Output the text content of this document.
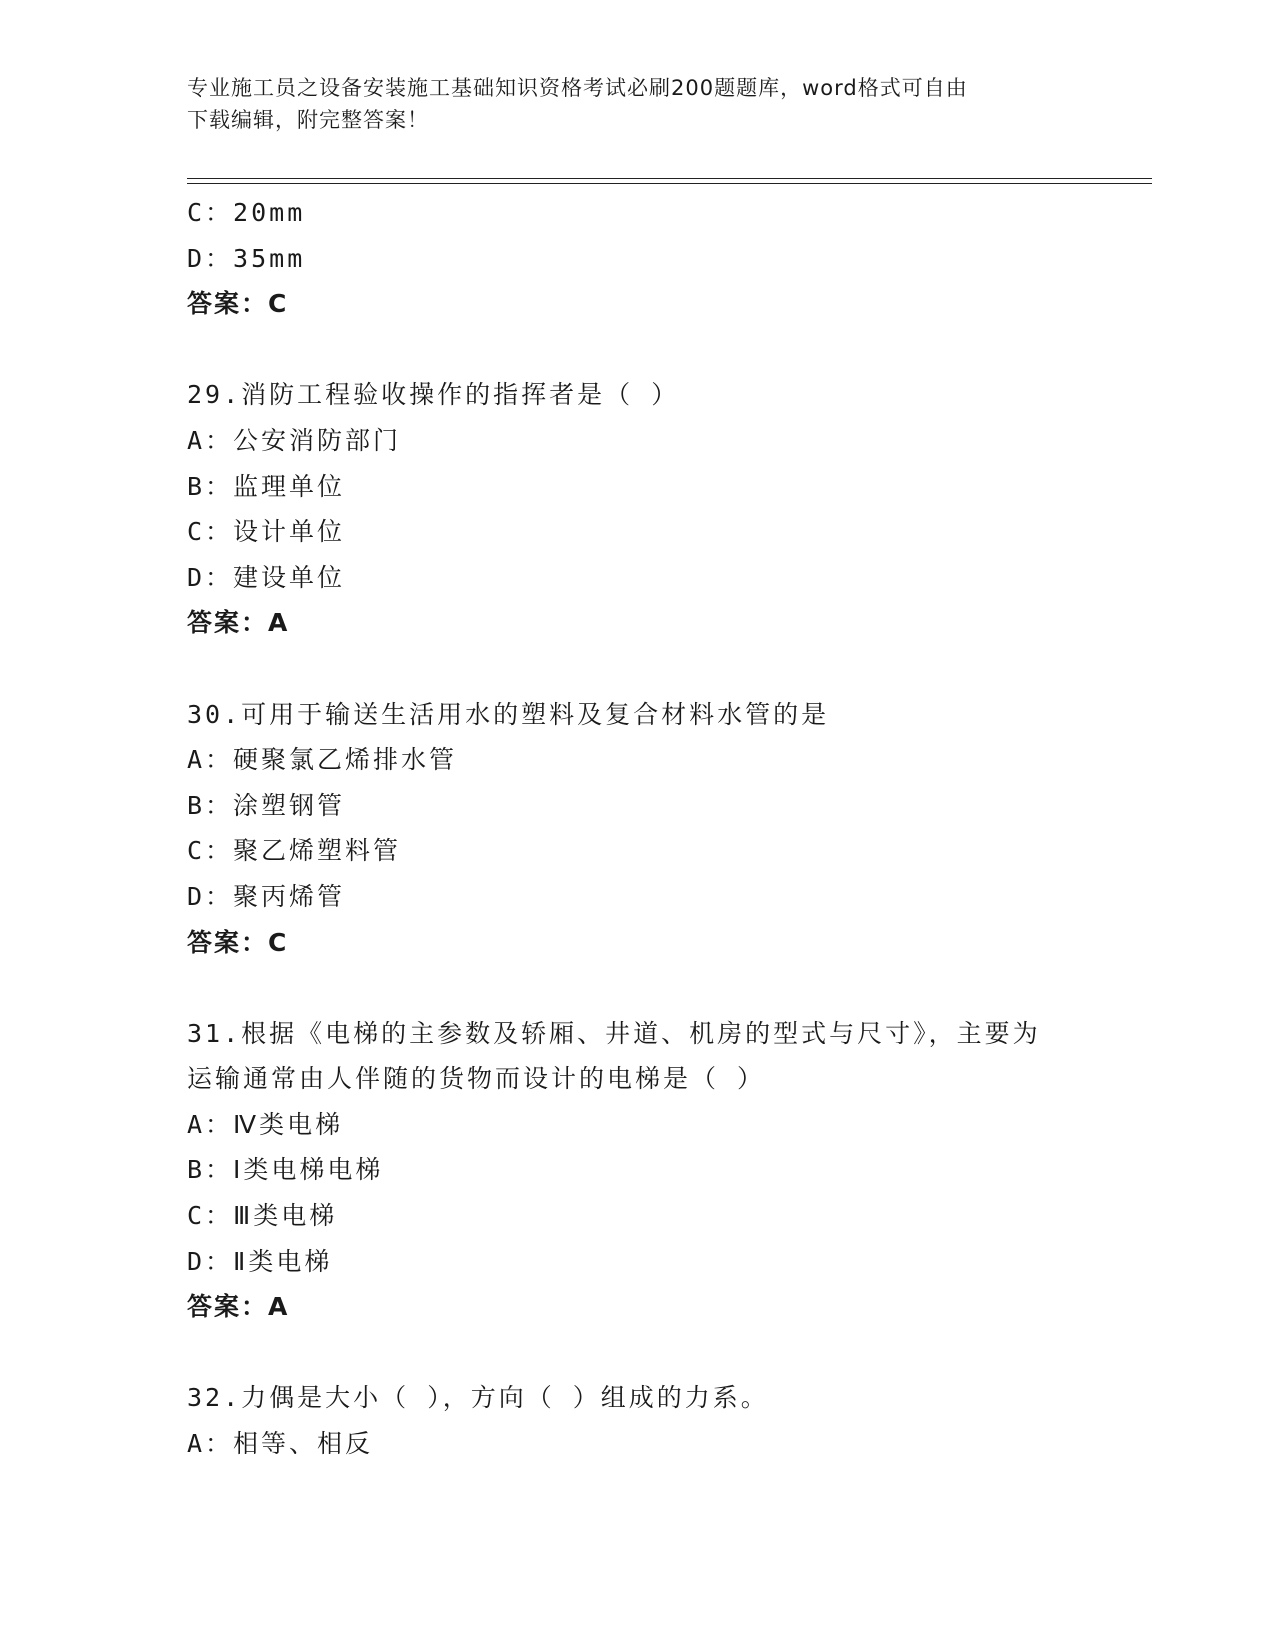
专业施工员之设备安装施工基础知识资格考试必刷200题题库，word格式可自由
下载编辑，附完整答案！
C：20mm
D：35mm
答案：C
29.消防工程验收操作的指挥者是（ ）
A：公安消防部门
B：监理单位
C：设计单位
D：建设单位
答案：A
30.可用于输送生活用水的塑料及复合材料水管的是
A：硬聚氯乙烯排水管
B：涂塑钢管
C：聚乙烯塑料管
D：聚丙烯管
答案：C
31.根据《电梯的主参数及轿厢、井道、机房的型式与尺寸》，主要为
运输通常由人伴随的货物而设计的电梯是（ ）
A：Ⅳ类电梯
B：Ⅰ类电梯电梯
C：Ⅲ类电梯
D：Ⅱ类电梯
答案：A
32.力偶是大小（ ），方向（ ）组成的力系。
A：相等、相反
